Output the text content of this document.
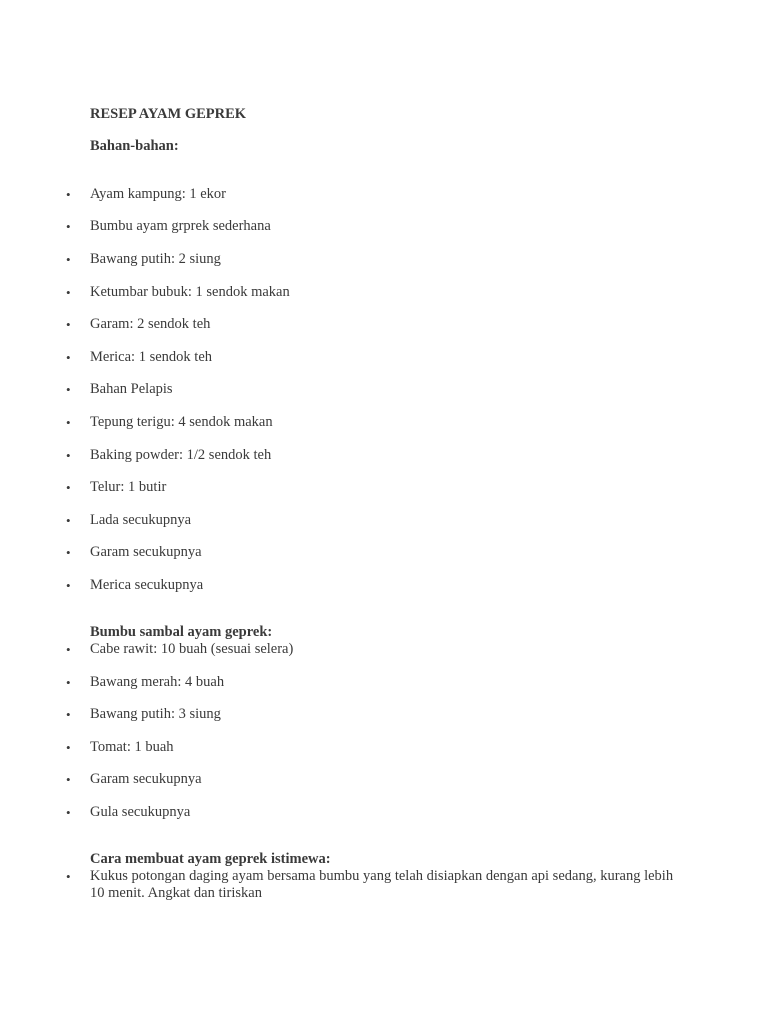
RESEP AYAM GEPREK
Bahan-bahan:
• Ayam kampung: 1 ekor
• Bumbu ayam grprek sederhana
• Bawang putih: 2 siung
• Ketumbar bubuk: 1 sendok makan
• Garam: 2 sendok teh
• Merica: 1 sendok teh
• Bahan Pelapis
• Tepung terigu: 4 sendok makan
• Baking powder: 1/2 sendok teh
• Telur: 1 butir
• Lada secukupnya
• Garam secukupnya
• Merica secukupnya
Bumbu sambal ayam geprek:
• Cabe rawit: 10 buah (sesuai selera)
• Bawang merah: 4 buah
• Bawang putih: 3 siung
• Tomat: 1 buah
• Garam secukupnya
• Gula secukupnya
Cara membuat ayam geprek istimewa:
• Kukus potongan daging ayam bersama bumbu yang telah disiapkan dengan api sedang, kurang lebih 10 menit. Angkat dan tiriskan
